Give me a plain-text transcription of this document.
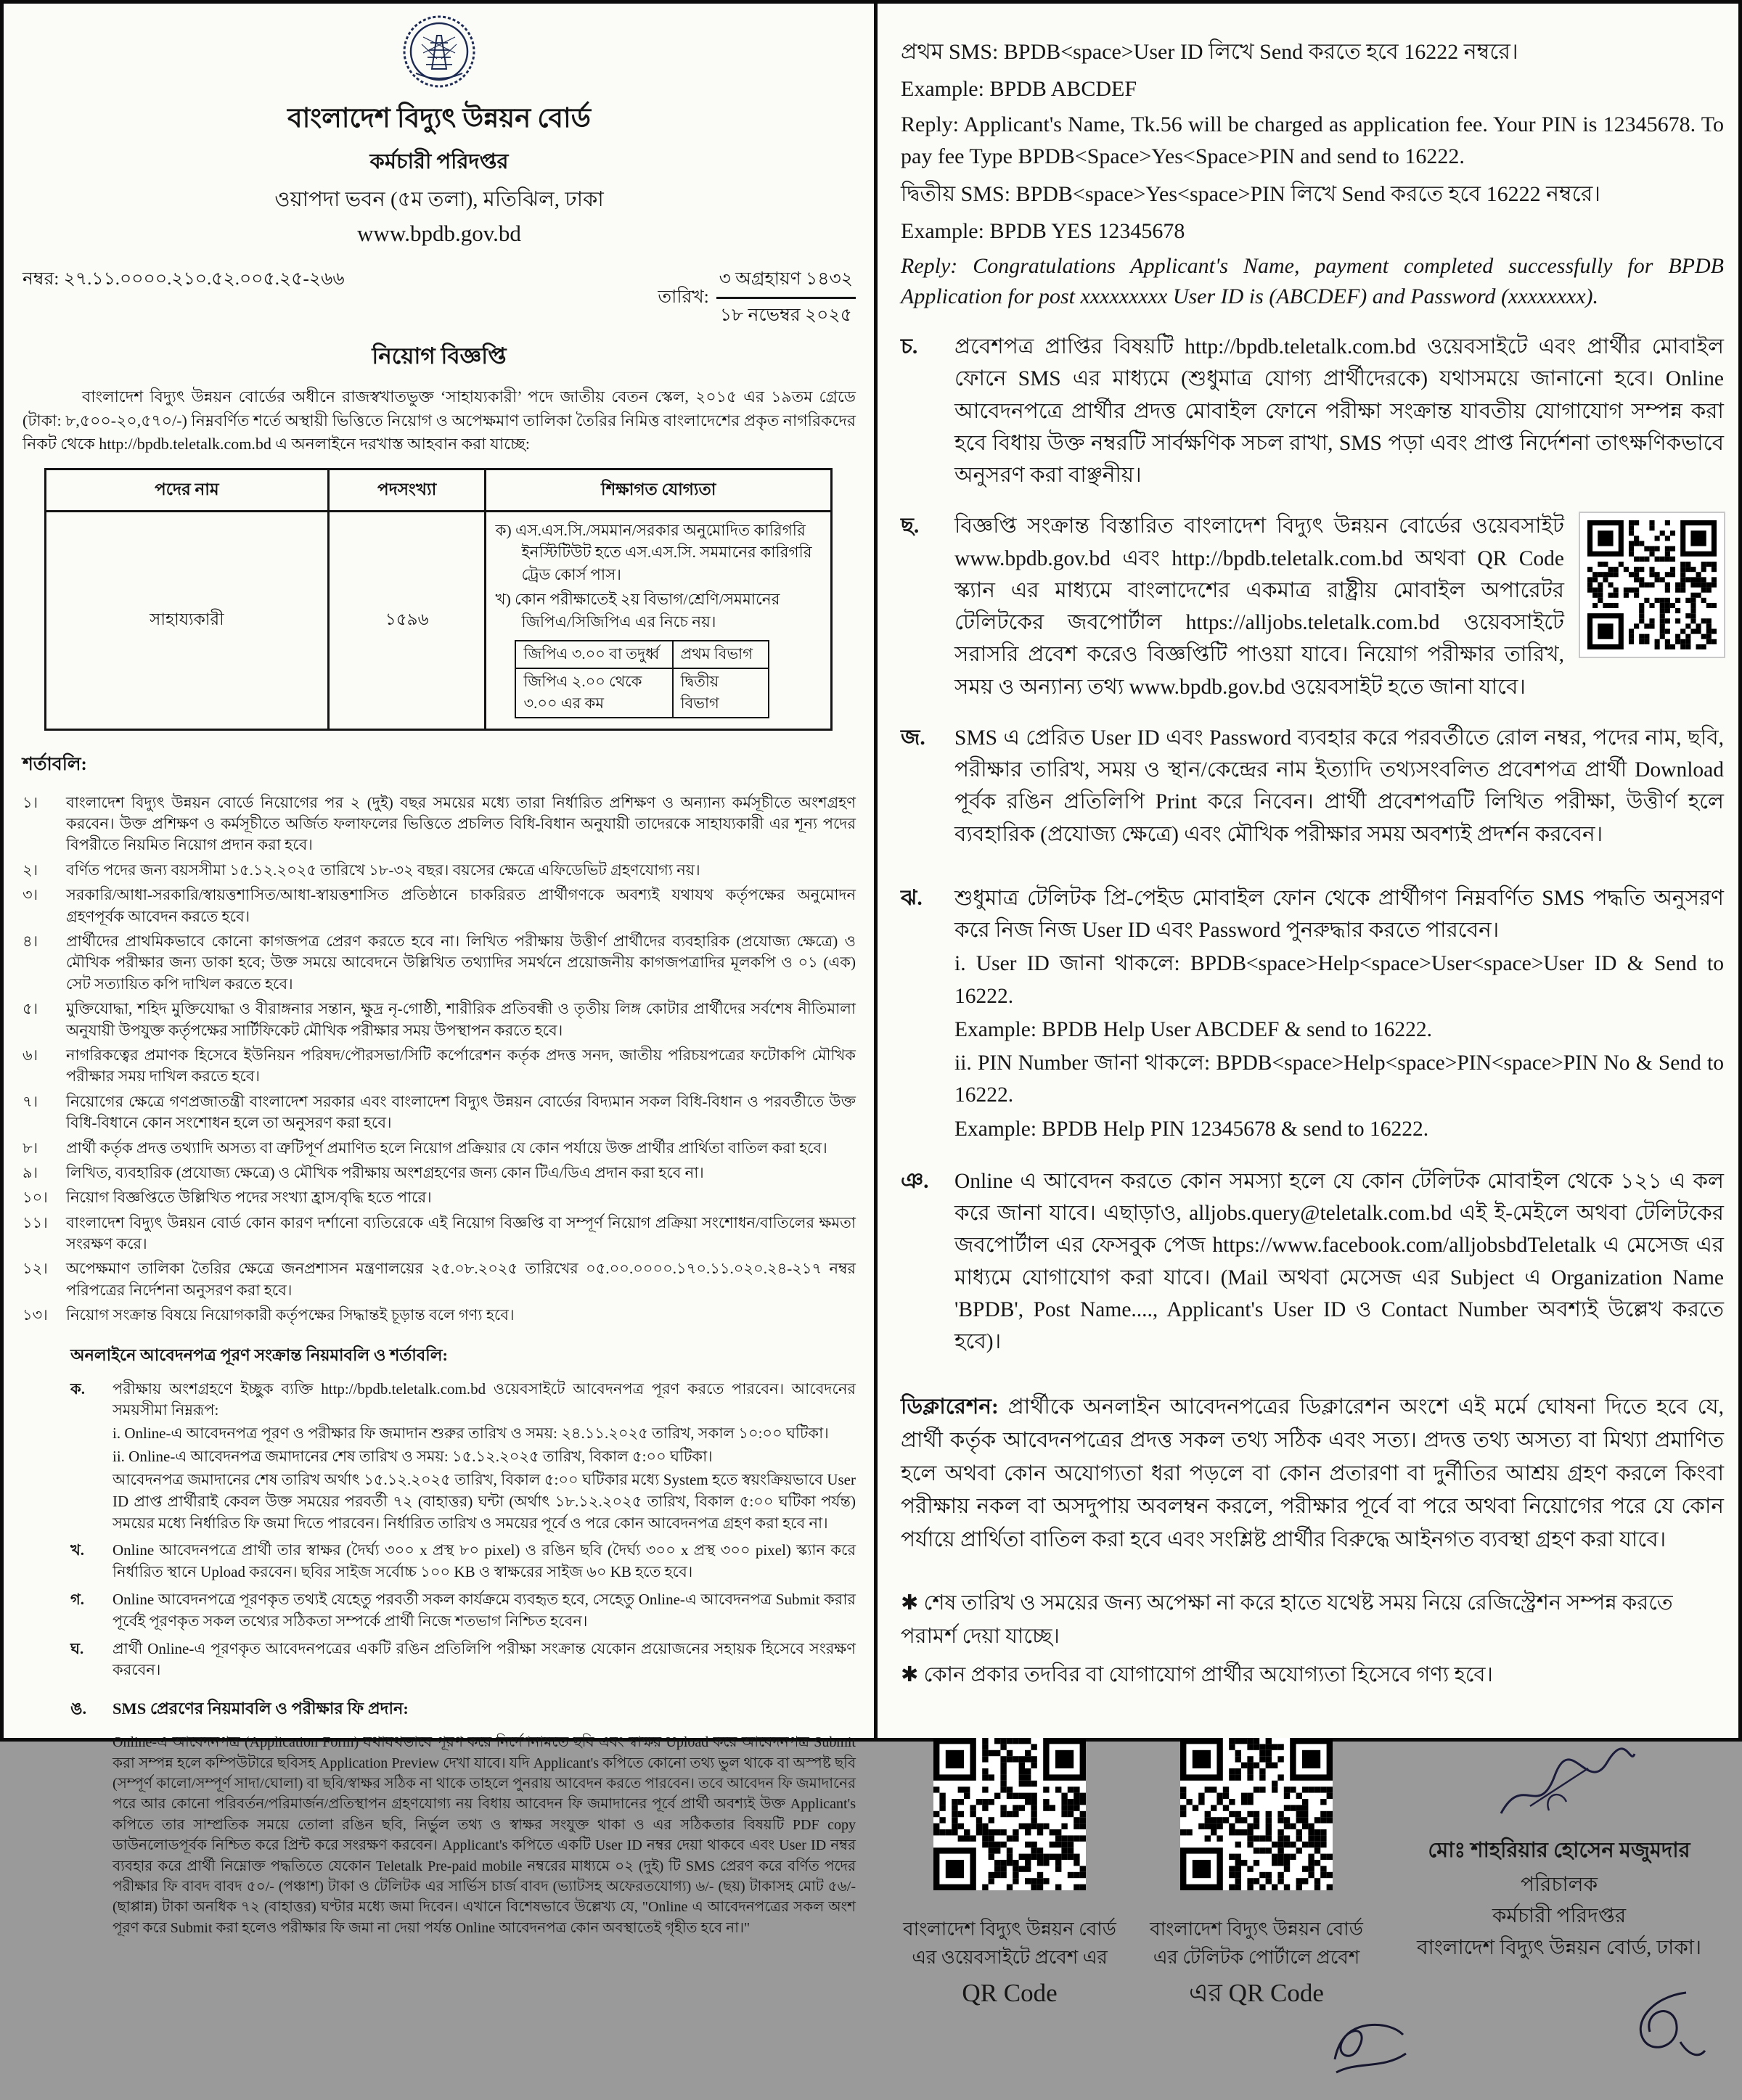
বাংলাদেশ বিদ্যুৎ উন্নয়ন বোর্ড
কর্মচারী পরিদপ্তর
ওয়াপদা ভবন (৫ম তলা), মতিঝিল, ঢাকা
www.bpdb.gov.bd
নম্বর: ২৭.১১.০০০০.২১০.৫২.০০৫.২৫-২৬৬
তারিখ:
৩ অগ্রহায়ণ ১৪৩২
১৮ নভেম্বর ২০২৫
নিয়োগ বিজ্ঞপ্তি
বাংলাদেশ বিদ্যুৎ উন্নয়ন বোর্ডের অধীনে রাজস্বখাতভুক্ত ‘সাহায্যকারী’ পদে জাতীয় বেতন স্কেল, ২০১৫ এর ১৯তম গ্রেডে (টাকা: ৮,৫০০-২০,৫৭০/-) নিম্নবর্ণিত শর্তে অস্থায়ী ভিত্তিতে নিয়োগ ও অপেক্ষমাণ তালিকা তৈরির নিমিত্ত বাংলাদেশের প্রকৃত নাগরিকদের নিকট থেকে http://bpdb.teletalk.com.bd এ অনলাইনে দরখাস্ত আহবান করা যাচ্ছে:
পদের নাম	পদসংখ্যা	শিক্ষাগত যোগ্যতা
সাহায্যকারী	১৫৯৬	
ক) এস.এস.সি./সমমান/সরকার অনুমোদিত কারিগরি ইনস্টিটিউট হতে এস.এস.সি. সমমানের কারিগরি ট্রেড কোর্স পাস।
খ) কোন পরীক্ষাতেই ২য় বিভাগ/শ্রেণি/সমমানের জিপিএ/সিজিপিএ এর নিচে নয়।
জিপিএ ৩.০০ বা তদুর্ধ্ব	প্রথম বিভাগ
জিপিএ ২.০০ থেকে ৩.০০ এর কম	দ্বিতীয় বিভাগ
শর্তাবলি:
১।	বাংলাদেশ বিদ্যুৎ উন্নয়ন বোর্ডে নিয়োগের পর ২ (দুই) বছর সময়ের মধ্যে তারা নির্ধারিত প্রশিক্ষণ ও অন্যান্য কর্মসূচীতে অংশগ্রহণ করবেন। উক্ত প্রশিক্ষণ ও কর্মসূচীতে অর্জিত ফলাফলের ভিত্তিতে প্রচলিত বিধি-বিধান অনুযায়ী তাদেরকে সাহায্যকারী এর শূন্য পদের বিপরীতে নিয়মিত নিয়োগ প্রদান করা হবে।
২।	বর্ণিত পদের জন্য বয়সসীমা ১৫.১২.২০২৫ তারিখে ১৮-৩২ বছর। বয়সের ক্ষেত্রে এফিডেভিট গ্রহণযোগ্য নয়।
৩।	সরকারি/আধা-সরকারি/স্বায়ত্তশাসিত/আধা-স্বায়ত্তশাসিত প্রতিষ্ঠানে চাকরিরত প্রার্থীগণকে অবশ্যই যথাযথ কর্তৃপক্ষের অনুমোদন গ্রহণপূর্বক আবেদন করতে হবে।
৪।	প্রার্থীদের প্রাথমিকভাবে কোনো কাগজপত্র প্রেরণ করতে হবে না। লিখিত পরীক্ষায় উত্তীর্ণ প্রার্থীদের ব্যবহারিক (প্রযোজ্য ক্ষেত্রে) ও মৌখিক পরীক্ষার জন্য ডাকা হবে; উক্ত সময়ে আবেদনে উল্লিখিত তথ্যাদির সমর্থনে প্রয়োজনীয় কাগজপত্রাদির মূলকপি ও ০১ (এক) সেট সত্যায়িত কপি দাখিল করতে হবে।
৫।	মুক্তিযোদ্ধা, শহিদ মুক্তিযোদ্ধা ও বীরাঙ্গনার সন্তান, ক্ষুদ্র নৃ-গোষ্ঠী, শারীরিক প্রতিবন্ধী ও তৃতীয় লিঙ্গ কোটার প্রার্থীদের সর্বশেষ নীতিমালা অনুযায়ী উপযুক্ত কর্তৃপক্ষের সার্টিফিকেট মৌখিক পরীক্ষার সময় উপস্থাপন করতে হবে।
৬।	নাগরিকত্বের প্রমাণক হিসেবে ইউনিয়ন পরিষদ/পৌরসভা/সিটি কর্পোরেশন কর্তৃক প্রদত্ত সনদ, জাতীয় পরিচয়পত্রের ফটোকপি মৌখিক পরীক্ষার সময় দাখিল করতে হবে।
৭।	নিয়োগের ক্ষেত্রে গণপ্রজাতন্ত্রী বাংলাদেশ সরকার এবং বাংলাদেশ বিদ্যুৎ উন্নয়ন বোর্ডের বিদ্যমান সকল বিধি-বিধান ও পরবর্তীতে উক্ত বিধি-বিধানে কোন সংশোধন হলে তা অনুসরণ করা হবে।
৮।	প্রার্থী কর্তৃক প্রদত্ত তথ্যাদি অসত্য বা ত্রুটিপূর্ণ প্রমাণিত হলে নিয়োগ প্রক্রিয়ার যে কোন পর্যায়ে উক্ত প্রার্থীর প্রার্থিতা বাতিল করা হবে।
৯।	লিখিত, ব্যবহারিক (প্রযোজ্য ক্ষেত্রে) ও মৌখিক পরীক্ষায় অংশগ্রহণের জন্য কোন টিএ/ডিএ প্রদান করা হবে না।
১০।	নিয়োগ বিজ্ঞপ্তিতে উল্লিখিত পদের সংখ্যা হ্রাস/বৃদ্ধি হতে পারে।
১১।	বাংলাদেশ বিদ্যুৎ উন্নয়ন বোর্ড কোন কারণ দর্শানো ব্যতিরেকে এই নিয়োগ বিজ্ঞপ্তি বা সম্পূর্ণ নিয়োগ প্রক্রিয়া সংশোধন/বাতিলের ক্ষমতা সংরক্ষণ করে।
১২।	অপেক্ষমাণ তালিকা তৈরির ক্ষেত্রে জনপ্রশাসন মন্ত্রণালয়ের ২৫.০৮.২০২৫ তারিখের ০৫.০০.০০০০.১৭০.১১.০২০.২৪-২১৭ নম্বর পরিপত্রের নির্দেশনা অনুসরণ করা হবে।
১৩।	নিয়োগ সংক্রান্ত বিষয়ে নিয়োগকারী কর্তৃপক্ষের সিদ্ধান্তই চূড়ান্ত বলে গণ্য হবে।
অনলাইনে আবেদনপত্র পূরণ সংক্রান্ত নিয়মাবলি ও শর্তাবলি:
ক.	পরীক্ষায় অংশগ্রহণে ইচ্ছুক ব্যক্তি http://bpdb.teletalk.com.bd ওয়েবসাইটে আবেদনপত্র পূরণ করতে পারবেন। আবেদনের সময়সীমা নিম্নরূপ:
i. Online-এ আবেদনপত্র পূরণ ও পরীক্ষার ফি জমাদান শুরুর তারিখ ও সময়: ২৪.১১.২০২৫ তারিখ, সকাল ১০:০০ ঘটিকা।
ii. Online-এ আবেদনপত্র জমাদানের শেষ তারিখ ও সময়: ১৫.১২.২০২৫ তারিখ, বিকাল ৫:০০ ঘটিকা।
আবেদনপত্র জমাদানের শেষ তারিখ অর্থাৎ ১৫.১২.২০২৫ তারিখ, বিকাল ৫:০০ ঘটিকার মধ্যে System হতে স্বয়ংক্রিয়ভাবে User ID প্রাপ্ত প্রার্থীরাই কেবল উক্ত সময়ের পরবর্তী ৭২ (বাহাত্তর) ঘন্টা (অর্থাৎ ১৮.১২.২০২৫ তারিখ, বিকাল ৫:০০ ঘটিকা পর্যন্ত) সময়ের মধ্যে নির্ধারিত ফি জমা দিতে পারবেন। নির্ধারিত তারিখ ও সময়ের পূর্বে ও পরে কোন আবেদনপত্র গ্রহণ করা হবে না।
খ.	Online আবেদনপত্রে প্রার্থী তার স্বাক্ষর (দৈর্ঘ্য ৩০০ x প্রস্থ ৮০ pixel) ও রঙিন ছবি (দৈর্ঘ্য ৩০০ x প্রস্থ ৩০০ pixel) স্ক্যান করে নির্ধারিত স্থানে Upload করবেন। ছবির সাইজ সর্বোচ্চ ১০০ KB ও স্বাক্ষরের সাইজ ৬০ KB হতে হবে।
গ.	Online আবেদনপত্রে পূরণকৃত তথ্যই যেহেতু পরবর্তী সকল কার্যক্রমে ব্যবহৃত হবে, সেহেতু Online-এ আবেদনপত্র Submit করার পূর্বেই পূরণকৃত সকল তথ্যের সঠিকতা সম্পর্কে প্রার্থী নিজে শতভাগ নিশ্চিত হবেন।
ঘ.	প্রার্থী Online-এ পূরণকৃত আবেদনপত্রের একটি রঙিন প্রতিলিপি পরীক্ষা সংক্রান্ত যেকোন প্রয়োজনের সহায়ক হিসেবে সংরক্ষণ করবেন।
ঙ.	SMS প্রেরণের নিয়মাবলি ও পরীক্ষার ফি প্রদান:
Online-এ আবেদনপত্র (Application Form) যথাযথভাবে পূরণ করে নির্দেশনামতে ছবি এবং স্বাক্ষর Upload করে আবেদনপত্র Submit করা সম্পন্ন হলে কম্পিউটারে ছবিসহ Application Preview দেখা যাবে। যদি Applicant's কপিতে কোনো তথ্য ভুল থাকে বা অস্পষ্ট ছবি (সম্পূর্ণ কালো/সম্পূর্ণ সাদা/ঘোলা) বা ছবি/স্বাক্ষর সঠিক না থাকে তাহলে পুনরায় আবেদন করতে পারবেন। তবে আবেদন ফি জমাদানের পরে আর কোনো পরিবর্তন/পরিমার্জন/প্রতিস্থাপন গ্রহণযোগ্য নয় বিধায় আবেদন ফি জমাদানের পূর্বে প্রার্থী অবশ্যই উক্ত Applicant's কপিতে তার সাম্প্রতিক সময়ে তোলা রঙিন ছবি, নির্ভুল তথ্য ও স্বাক্ষর সংযুক্ত থাকা ও এর সঠিকতার বিষয়টি PDF copy ডাউনলোডপূর্বক নিশ্চিত করে প্রিন্ট করে সংরক্ষণ করবেন। Applicant's কপিতে একটি User ID নম্বর দেয়া থাকবে এবং User ID নম্বর ব্যবহার করে প্রার্থী নিম্নোক্ত পদ্ধতিতে যেকোন Teletalk Pre-paid mobile নম্বরের মাধ্যমে ০২ (দুই) টি SMS প্রেরণ করে বর্ণিত পদের পরীক্ষার ফি বাবদ বাবদ ৫০/- (পঞ্চাশ) টাকা ও টেলিটক এর সার্ভিস চার্জ বাবদ (ভ্যাটসহ অফেরতযোগ্য) ৬/- (ছয়) টাকাসহ মোট ৫৬/- (ছাপ্পান্ন) টাকা অনধিক ৭২ (বাহাত্তর) ঘণ্টার মধ্যে জমা দিবেন। এখানে বিশেষভাবে উল্লেখ্য যে, "Online এ আবেদনপত্রের সকল অংশ পূরণ করে Submit করা হলেও পরীক্ষার ফি জমা না দেয়া পর্যন্ত Online আবেদনপত্র কোন অবস্থাতেই গৃহীত হবে না।"
প্রথম SMS: BPDB<space>User ID লিখে Send করতে হবে 16222 নম্বরে।
Example: BPDB ABCDEF
Reply: Applicant's Name, Tk.56 will be charged as application fee. Your PIN is 12345678. To pay fee Type BPDB<Space>Yes<Space>PIN and send to 16222.
দ্বিতীয় SMS: BPDB<space>Yes<space>PIN লিখে Send করতে হবে 16222 নম্বরে।
Example: BPDB YES 12345678
Reply: Congratulations Applicant's Name, payment completed successfully for BPDB Application for post xxxxxxxxx User ID is (ABCDEF) and Password (xxxxxxxx).
চ.	প্রবেশপত্র প্রাপ্তির বিষয়টি http://bpdb.teletalk.com.bd ওয়েবসাইটে এবং প্রার্থীর মোবাইল ফোনে SMS এর মাধ্যমে (শুধুমাত্র যোগ্য প্রার্থীদেরকে) যথাসময়ে জানানো হবে। Online আবেদনপত্রে প্রার্থীর প্রদত্ত মোবাইল ফোনে পরীক্ষা সংক্রান্ত যাবতীয় যোগাযোগ সম্পন্ন করা হবে বিধায় উক্ত নম্বরটি সার্বক্ষণিক সচল রাখা, SMS পড়া এবং প্রাপ্ত নির্দেশনা তাৎক্ষণিকভাবে অনুসরণ করা বাঞ্ছনীয়।
ছ.	বিজ্ঞপ্তি সংক্রান্ত বিস্তারিত বাংলাদেশ বিদ্যুৎ উন্নয়ন বোর্ডের ওয়েবসাইট www.bpdb.gov.bd এবং http://bpdb.teletalk.com.bd অথবা QR Code স্ক্যান এর মাধ্যমে বাংলাদেশের একমাত্র রাষ্ট্রীয় মোবাইল অপারেটর টেলিটকের জবপোর্টাল https://alljobs.teletalk.com.bd ওয়েবসাইটে সরাসরি প্রবেশ করেও বিজ্ঞপ্তিটি পাওয়া যাবে। নিয়োগ পরীক্ষার তারিখ, সময় ও অন্যান্য তথ্য www.bpdb.gov.bd ওয়েবসাইট হতে জানা যাবে।
জ.	SMS এ প্রেরিত User ID এবং Password ব্যবহার করে পরবর্তীতে রোল নম্বর, পদের নাম, ছবি, পরীক্ষার তারিখ, সময় ও স্থান/কেন্দ্রের নাম ইত্যাদি তথ্যসংবলিত প্রবেশপত্র প্রার্থী Download পূর্বক রঙিন প্রতিলিপি Print করে নিবেন। প্রার্থী প্রবেশপত্রটি লিখিত পরীক্ষা, উত্তীর্ণ হলে ব্যবহারিক (প্রযোজ্য ক্ষেত্রে) এবং মৌখিক পরীক্ষার সময় অবশ্যই প্রদর্শন করবেন।
ঝ.	শুধুমাত্র টেলিটক প্রি-পেইড মোবাইল ফোন থেকে প্রার্থীগণ নিম্নবর্ণিত SMS পদ্ধতি অনুসরণ করে নিজ নিজ User ID এবং Password পুনরুদ্ধার করতে পারবেন।
i. User ID জানা থাকলে: BPDB<space>Help<space>User<space>User ID & Send to 16222.
Example: BPDB Help User ABCDEF & send to 16222.
ii. PIN Number জানা থাকলে: BPDB<space>Help<space>PIN<space>PIN No & Send to 16222.
Example: BPDB Help PIN 12345678 & send to 16222.
ঞ.	Online এ আবেদন করতে কোন সমস্যা হলে যে কোন টেলিটক মোবাইল থেকে ১২১ এ কল করে জানা যাবে। এছাড়াও, alljobs.query@teletalk.com.bd এই ই-মেইলে অথবা টেলিটকের জবপোর্টাল এর ফেসবুক পেজ https://www.facebook.com/alljobsbdTeletalk এ মেসেজ এর মাধ্যমে যোগাযোগ করা যাবে। (Mail অথবা মেসেজ এর Subject এ Organization Name 'BPDB', Post Name...., Applicant's User ID ও Contact Number অবশ্যই উল্লেখ করতে হবে)।
ডিক্লারেশন: প্রার্থীকে অনলাইন আবেদনপত্রের ডিক্লারেশন অংশে এই মর্মে ঘোষনা দিতে হবে যে, প্রার্থী কর্তৃক আবেদনপত্রের প্রদত্ত সকল তথ্য সঠিক এবং সত্য। প্রদত্ত তথ্য অসত্য বা মিথ্যা প্রমাণিত হলে অথবা কোন অযোগ্যতা ধরা পড়লে বা কোন প্রতারণা বা দুর্নীতির আশ্রয় গ্রহণ করলে কিংবা পরীক্ষায় নকল বা অসদুপায় অবলম্বন করলে, পরীক্ষার পূর্বে বা পরে অথবা নিয়োগের পরে যে কোন পর্যায়ে প্রার্থিতা বাতিল করা হবে এবং সংশ্লিষ্ট প্রার্থীর বিরুদ্ধে আইনগত ব্যবস্থা গ্রহণ করা যাবে।
✱ শেষ তারিখ ও সময়ের জন্য অপেক্ষা না করে হাতে যথেষ্ট সময় নিয়ে রেজিস্ট্রেশন সম্পন্ন করতে পরামর্শ দেয়া যাচ্ছে।
✱ কোন প্রকার তদবির বা যোগাযোগ প্রার্থীর অযোগ্যতা হিসেবে গণ্য হবে।
বাংলাদেশ বিদ্যুৎ উন্নয়ন বোর্ড
এর ওয়েবসাইটে প্রবেশ এর
QR Code
বাংলাদেশ বিদ্যুৎ উন্নয়ন বোর্ড
এর টেলিটক পোর্টালে প্রবেশ
এর QR Code
মোঃ শাহরিয়ার হোসেন মজুমদার
পরিচালক
কর্মচারী পরিদপ্তর
বাংলাদেশ বিদ্যুৎ উন্নয়ন বোর্ড, ঢাকা।
